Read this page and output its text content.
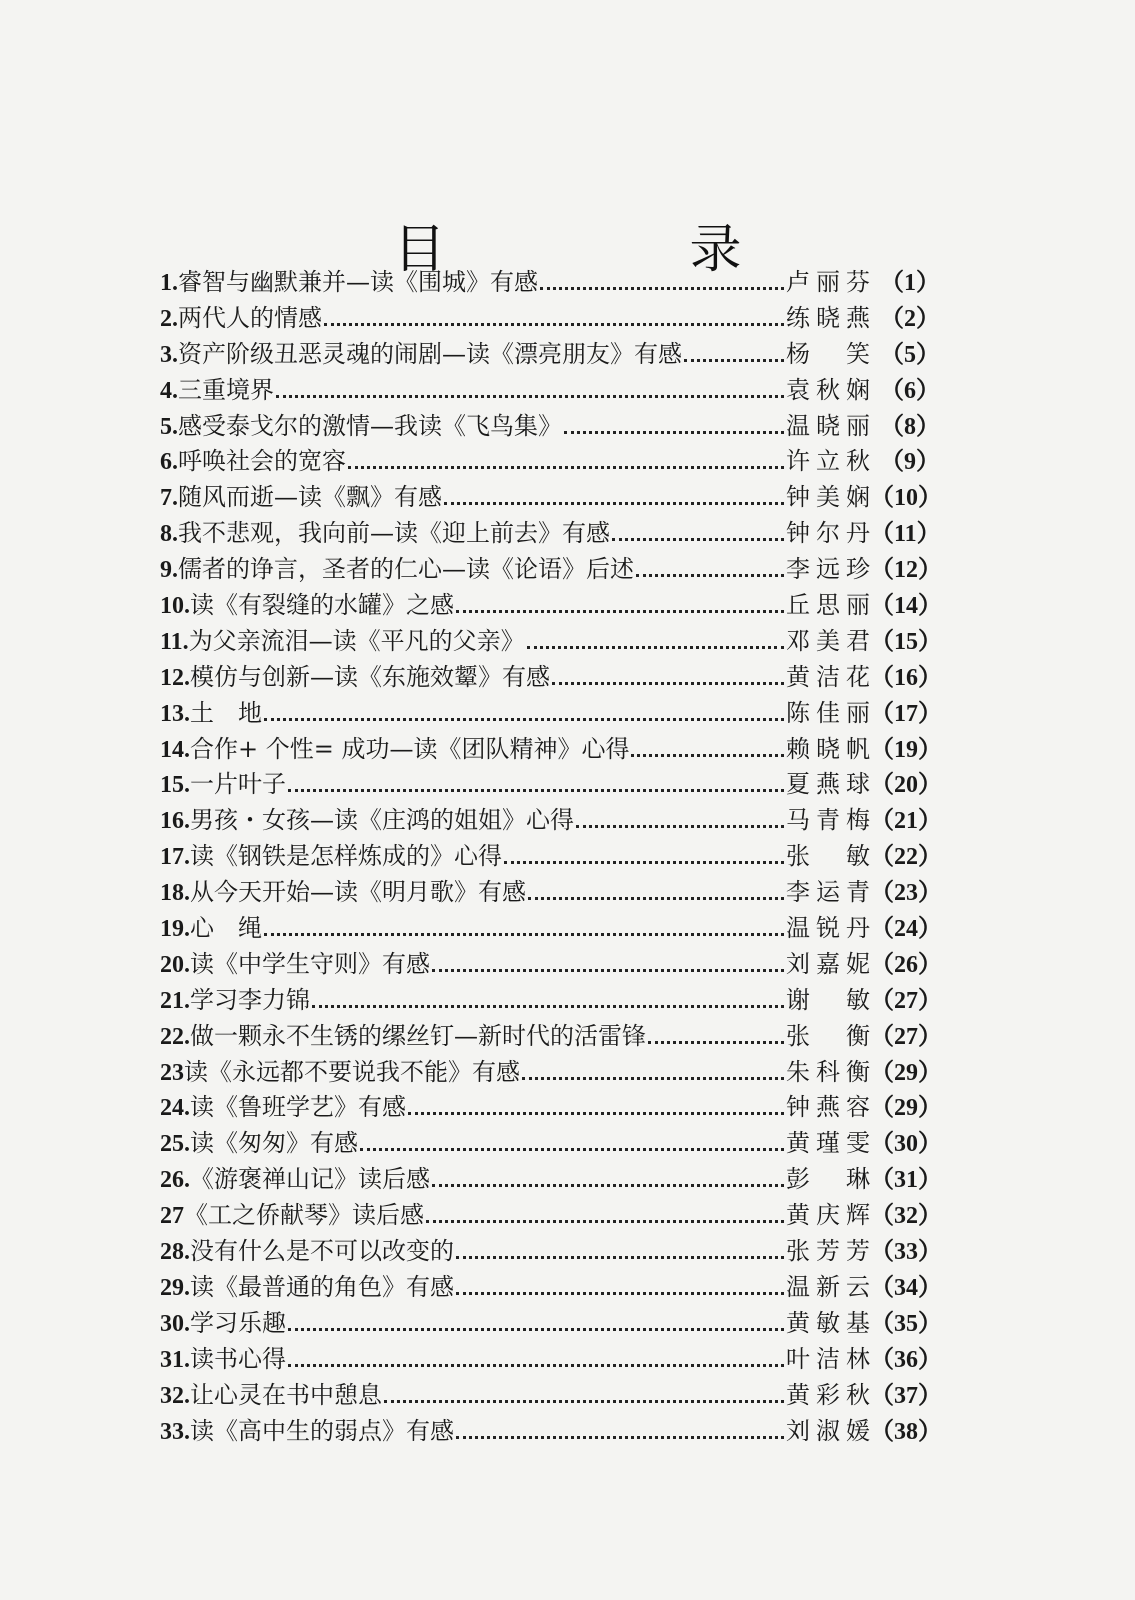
目　录
1. 睿智与幽默兼并—读《围城》有感	卢丽芬 （1）
2. 两代人的情感	练晓燕 （2）
3. 资产阶级丑恶灵魂的闹剧—读《漂亮朋友》有感	杨　笑 （5）
4. 三重境界	袁秋娴 （6）
5. 感受泰戈尔的激情—我读《飞鸟集》	温晓丽 （8）
6. 呼唤社会的宽容	许立秋 （9）
7. 随风而逝—读《飘》有感	钟美娴 （10）
8. 我不悲观，我向前—读《迎上前去》有感	钟尔丹 （11）
9. 儒者的诤言，圣者的仁心—读《论语》后述	李远珍 （12）
10. 读《有裂缝的水罐》之感	丘思丽 （14）
11. 为父亲流泪—读《平凡的父亲》	邓美君 （15）
12. 模仿与创新—读《东施效颦》有感	黄洁花 （16）
13. 土　地	陈佳丽 （17）
14. 合作+ 个性= 成功—读《团队精神》心得	赖晓帆 （19）
15. 一片叶子	夏燕球 （20）
16. 男孩・女孩—读《庄鸿的姐姐》心得	马青梅 （21）
17. 读《钢铁是怎样炼成的》心得	张　敏 （22）
18. 从今天开始—读《明月歌》有感	李运青 （23）
19. 心　绳	温锐丹 （24）
20. 读《中学生守则》有感	刘嘉妮 （26）
21. 学习李力锦	谢　敏 （27）
22. 做一颗永不生锈的缧丝钉—新时代的活雷锋	张　衡 （27）
23 读《永远都不要说我不能》有感	朱科衡 （29）
24. 读《鲁班学艺》有感	钟燕容 （29）
25. 读《匆匆》有感	黄瑾雯 （30）
26. 《游褒禅山记》读后感	彭　琳 （31）
27 《工之侨献琴》读后感	黄庆辉 （32）
28. 没有什么是不可以改变的	张芳芳 （33）
29. 读《最普通的角色》有感	温新云 （34）
30. 学习乐趣	黄敏基 （35）
31. 读书心得	叶洁林 （36）
32. 让心灵在书中憩息	黄彩秋 （37）
33. 读《高中生的弱点》有感	刘淑媛 （38）
